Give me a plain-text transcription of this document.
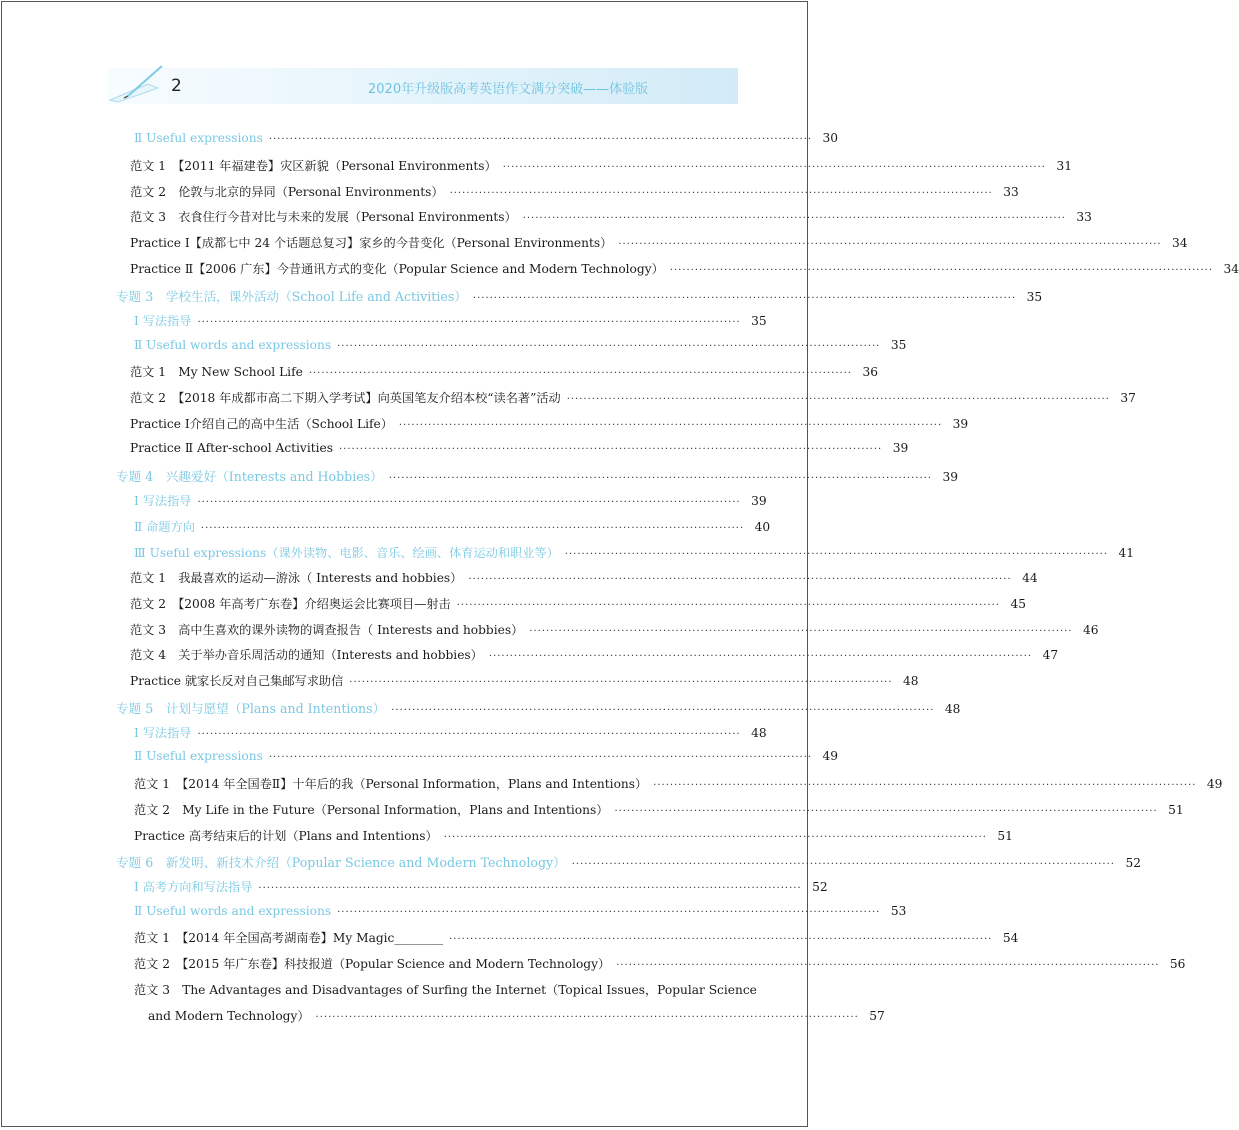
2	2020年升级版高考英语作文满分突破——体验版
Ⅱ Useful expressions ·································································································································· 30
范文 1　【2011 年福建卷】灾区新貌（Personal Environments） ·································································································································· 31
范文 2　伦敦与北京的异同（Personal Environments） ·································································································································· 33
范文 3　衣食住行今昔对比与未来的发展（Personal Environments） ·································································································································· 33
Practice Ⅰ【成都七中 24 个话题总复习】家乡的今昔变化（Personal Environments） ·································································································································· 34
Practice Ⅱ【2006 广东】今昔通讯方式的变化（Popular Science and Modern Technology） ·································································································································· 34
专题 3　学校生活，课外活动（School Life and Activities） ·································································································································· 35
Ⅰ 写法指导 ·································································································································· 35
Ⅱ Useful words and expressions ·································································································································· 35
范文 1　My New School Life ·································································································································· 36
范文 2　【2018 年成都市高二下期入学考试】向英国笔友介绍本校“读名著”活动 ·································································································································· 37
Practice Ⅰ介绍自己的高中生活（School Life） ·································································································································· 39
Practice Ⅱ After-school Activities ·································································································································· 39
专题 4　兴趣爱好（Interests and Hobbies） ·································································································································· 39
Ⅰ 写法指导 ·································································································································· 39
Ⅱ 命题方向 ·································································································································· 40
Ⅲ Useful expressions（课外读物、电影、音乐、绘画、体育运动和职业等） ·································································································································· 41
范文 1　我最喜欢的运动—游泳（ Interests and hobbies） ·································································································································· 44
范文 2　【2008 年高考广东卷】介绍奥运会比赛项目—射击 ·································································································································· 45
范文 3　高中生喜欢的课外读物的调查报告（ Interests and hobbies） ·································································································································· 46
范文 4　关于举办音乐周活动的通知（Interests and hobbies） ·································································································································· 47
Practice 就家长反对自己集邮写求助信 ·································································································································· 48
专题 5　计划与愿望（Plans and Intentions） ·································································································································· 48
Ⅰ 写法指导 ·································································································································· 48
Ⅱ Useful expressions ·································································································································· 49
范文 1　【2014 年全国卷Ⅱ】十年后的我（Personal Information，Plans and Intentions） ·································································································································· 49
范文 2　My Life in the Future（Personal Information，Plans and Intentions） ·································································································································· 51
Practice 高考结束后的计划（Plans and Intentions） ·································································································································· 51
专题 6　新发明、新技术介绍（Popular Science and Modern Technology） ·································································································································· 52
Ⅰ 高考方向和写法指导 ·································································································································· 52
Ⅱ Useful words and expressions ·································································································································· 53
范文 1　【2014 年全国高考湖南卷】My Magic________ ·································································································································· 54
范文 2　【2015 年广东卷】科技报道（Popular Science and Modern Technology） ·································································································································· 56
范文 3　The Advantages and Disadvantages of Surfing the Internet（Topical Issues，Popular Science
and Modern Technology） ·································································································································· 57
